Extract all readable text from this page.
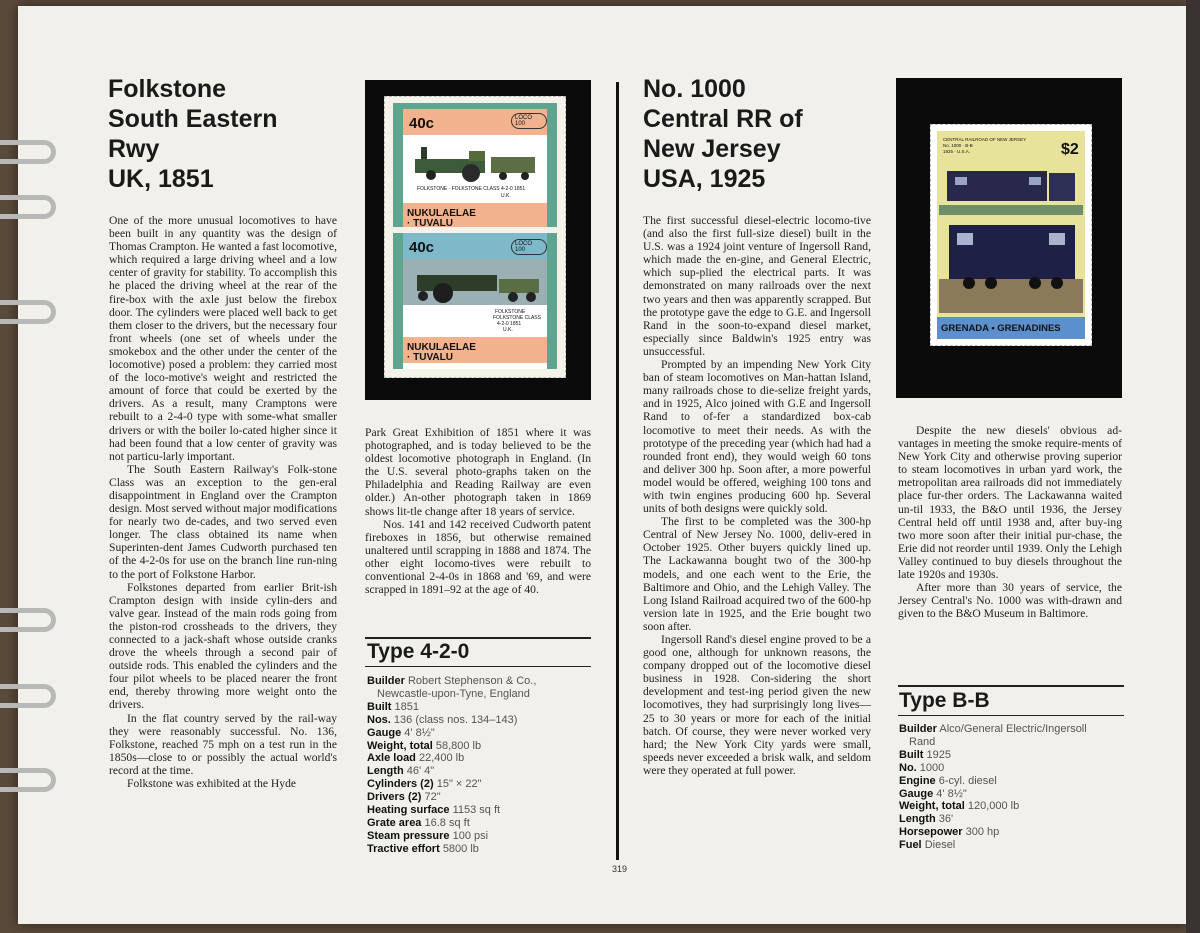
Folkstone
South Eastern
Rwy
UK, 1851

One of the more unusual locomotives to have been built in any quantity was the design of Thomas Crampton. He wanted a fast locomotive, which required a large driving wheel and a low center of gravity for stability. To accomplish this he placed the driving wheel at the rear of the fire-box with the axle just below the firebox door. The cylinders were placed well back to get them closer to the drivers, but the necessary four front wheels (one set of wheels under the smokebox and the other under the center of the locomotive) posed a problem: they carried most of the loco-motive's weight and restricted the amount of force that could be exerted by the drivers. As a result, many Cramptons were rebuilt to a 2-4-0 type with some-what smaller drivers or with the boiler lo-cated higher since it had been found that a low center of gravity was not particu-larly important.

The South Eastern Railway's Folk-stone Class was an exception to the gen-eral disappointment in England over the Crampton design. Most served without major modifications for nearly two de-cades, and two served even longer. The class obtained its name when Superinten-dent James Cudworth purchased ten of the 4-2-0s for use on the branch line run-ning to the port of Folkstone Harbor.

Folkstones departed from earlier Brit-ish Crampton design with inside cylin-ders and valve gear. Instead of the main rods going from the piston-rod crossheads to the drivers, they connected to a jack-shaft whose outside cranks drove the wheels through a second pair of outside rods. This enabled the cylinders and the four pilot wheels to be placed nearer the front end, thereby throwing more weight onto the drivers.

In the flat country served by the rail-way they were reasonably successful. No. 136, Folkstone, reached 75 mph on a test run in the 1850s—close to or possibly the actual world's record at the time.

Folkstone was exhibited at the Hyde

40c	LOCO 100
FOLKSTONE · FOLKSTONE CLASS 4-2-0 1851
U.K.
NUKULAELAE · TUVALU
40c	LOCO 100
FOLKSTONE
FOLKSTONE CLASS
4-2-0 1851
U.K.
NUKULAELAE · TUVALU

Park Great Exhibition of 1851 where it was photographed, and is today believed to be the oldest locomotive photograph in England. (In the U.S. several photo-graphs taken on the Philadelphia and Reading Railway are even older.) An-other photograph taken in 1869 shows lit-tle change after 18 years of service.

Nos. 141 and 142 received Cudworth patent fireboxes in 1856, but otherwise remained unaltered until scrapping in 1888 and 1874. The other eight locomo-tives were rebuilt to conventional 2-4-0s in 1868 and '69, and were scrapped in 1891–92 at the age of 40.

Type 4-2-0
Builder Robert Stephenson & Co.,
Newcastle-upon-Tyne, England
Built 1851
Nos. 136 (class nos. 134–143)
Gauge 4' 8½"
Weight, total 58,800 lb
Axle load 22,400 lb
Length 46' 4"
Cylinders (2) 15" × 22"
Drivers (2) 72"
Heating surface 1153 sq ft
Grate area 16.8 sq ft
Steam pressure 100 psi
Tractive effort 5800 lb
No. 1000
Central RR of
New Jersey
USA, 1925

The first successful diesel-electric locomo-tive (and also the first full-size diesel) built in the U.S. was a 1924 joint venture of Ingersoll Rand, which made the en-gine, and General Electric, which sup-plied the electrical parts. It was demonstrated on many railroads over the next two years and then was apparently scrapped. But the prototype gave the edge to G.E. and Ingersoll Rand in the soon-to-expand diesel market, especially since Baldwin's 1925 entry was unsuccessful.

Prompted by an impending New York City ban of steam locomotives on Man-hattan Island, many railroads chose to die-selize freight yards, and in 1925, Alco joined with G.E and Ingersoll Rand to of-fer a standardized box-cab locomotive to meet their needs. As with the prototype of the preceding year (which had had a rounded front end), they would weigh 60 tons and deliver 300 hp. Soon after, a more powerful model would be offered, weighing 100 tons and with twin engines producing 600 hp. Several units of both designs were quickly sold.

The first to be completed was the 300-hp Central of New Jersey No. 1000, deliv-ered in October 1925. Other buyers quickly lined up. The Lackawanna bought two of the 300-hp models, and one each went to the Erie, the Baltimore and Ohio, and the Lehigh Valley. The Long Island Railroad acquired two of the 600-hp version late in 1925, and the Erie bought two soon after.

Ingersoll Rand's diesel engine proved to be a good one, although for unknown reasons, the company dropped out of the locomotive diesel business in 1928. Con-sidering the short development and test-ing period given the new locomotives, they had surprisingly long lives—25 to 30 years or more for each of the initial batch. Of course, they were never worked very hard; the New York City yards were small, speeds never exceeded a brisk walk, and seldom were they operated at full power.

CENTRAL RAILROAD OF NEW JERSEY
No. 1000 · B-B
1925 · U.S.A.	$2
GRENADA • GRENADINES

Despite the new diesels' obvious ad-vantages in meeting the smoke require-ments of New York City and otherwise proving superior to steam locomotives in urban yard work, the metropolitan area railroads did not immediately place fur-ther orders. The Lackawanna waited un-til 1933, the B&O until 1936, the Jersey Central held off until 1938 and, after buy-ing two more soon after their initial pur-chase, the Erie did not reorder until 1939. Only the Lehigh Valley continued to buy diesels throughout the late 1920s and 1930s.

After more than 30 years of service, the Jersey Central's No. 1000 was with-drawn and given to the B&O Museum in Baltimore.

Type B-B
Builder Alco/General Electric/Ingersoll
Rand
Built 1925
No. 1000
Engine 6-cyl. diesel
Gauge 4' 8½"
Weight, total 120,000 lb
Length 36'
Horsepower 300 hp
Fuel Diesel
319
